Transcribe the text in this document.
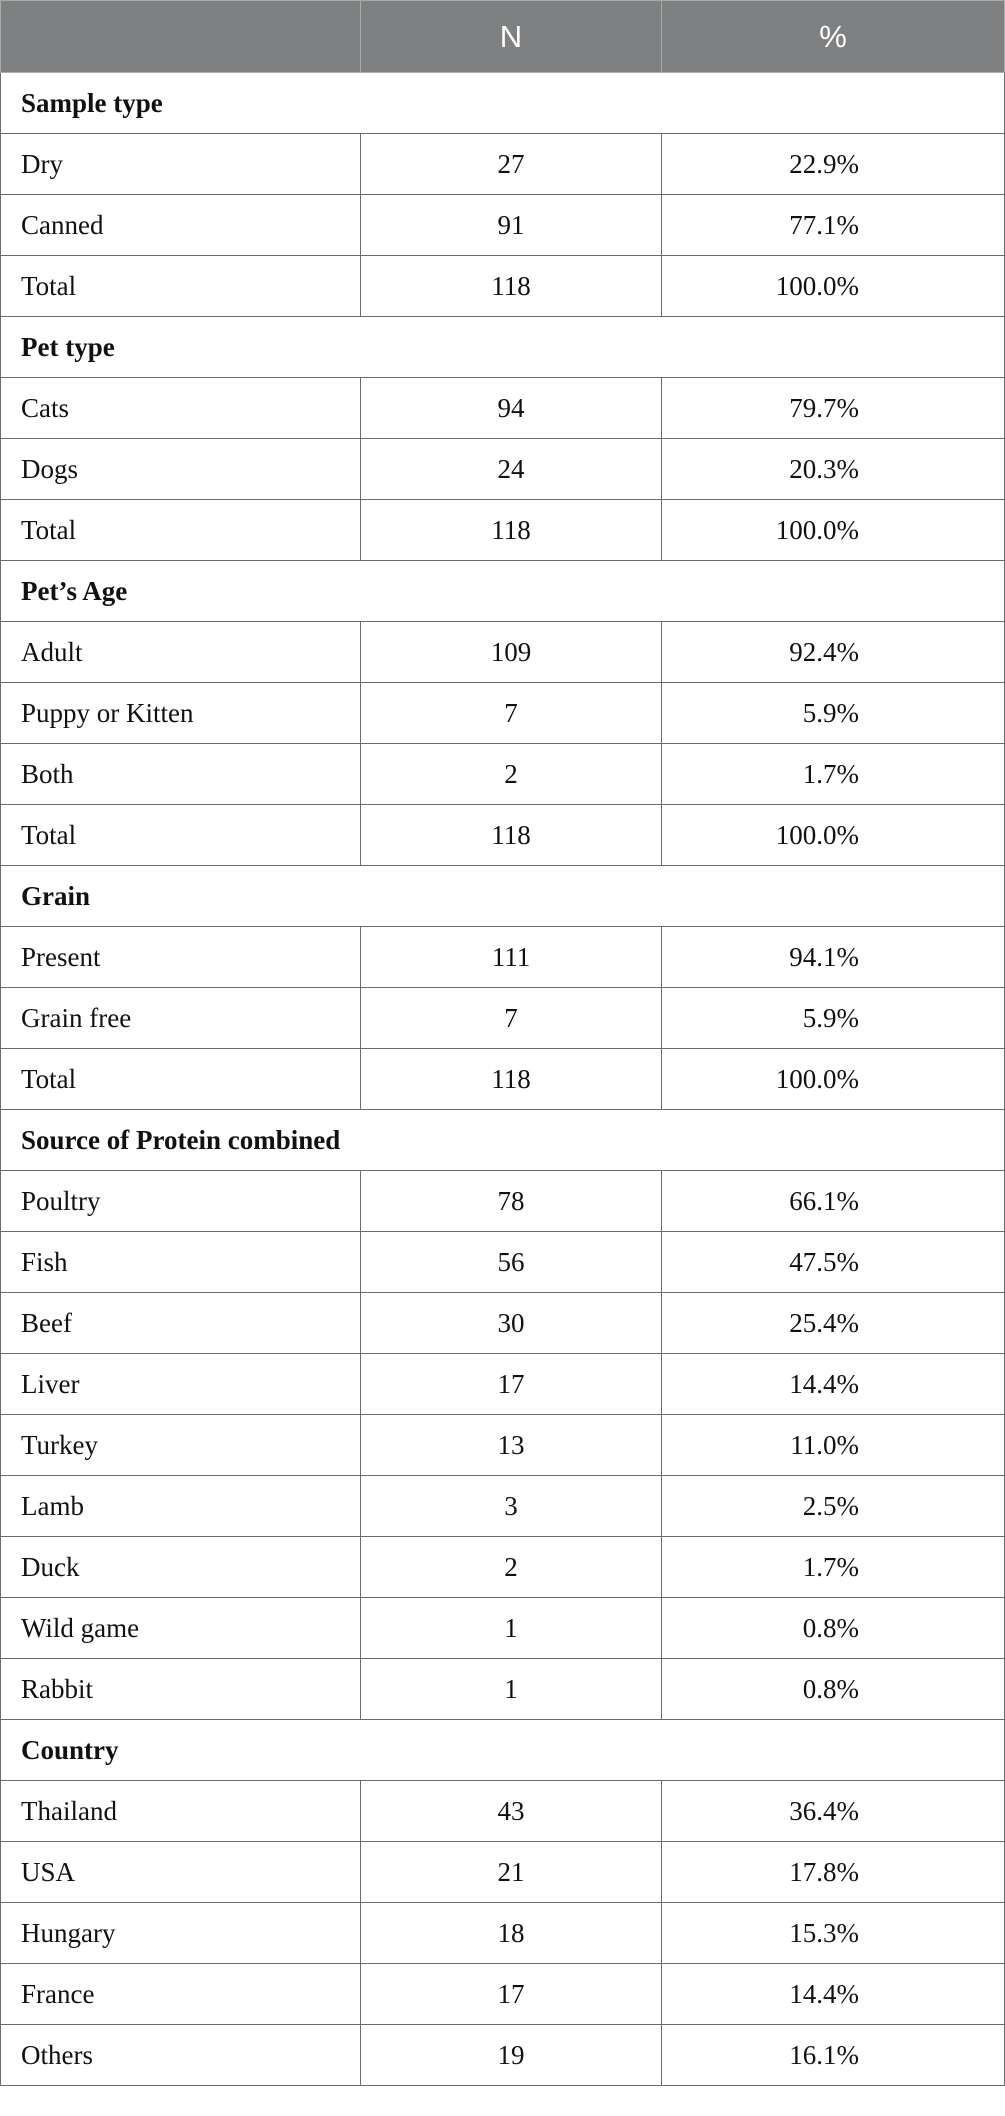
	N	%
Sample type		
Dry	27	22.9%
Canned	91	77.1%
Total	118	100.0%
Pet type		
Cats	94	79.7%
Dogs	24	20.3%
Total	118	100.0%
Pet’s Age		
Adult	109	92.4%
Puppy or Kitten	7	5.9%
Both	2	1.7%
Total	118	100.0%
Grain		
Present	111	94.1%
Grain free	7	5.9%
Total	118	100.0%
Source of Protein combined		
Poultry	78	66.1%
Fish	56	47.5%
Beef	30	25.4%
Liver	17	14.4%
Turkey	13	11.0%
Lamb	3	2.5%
Duck	2	1.7%
Wild game	1	0.8%
Rabbit	1	0.8%
Country		
Thailand	43	36.4%
USA	21	17.8%
Hungary	18	15.3%
France	17	14.4%
Others	19	16.1%
